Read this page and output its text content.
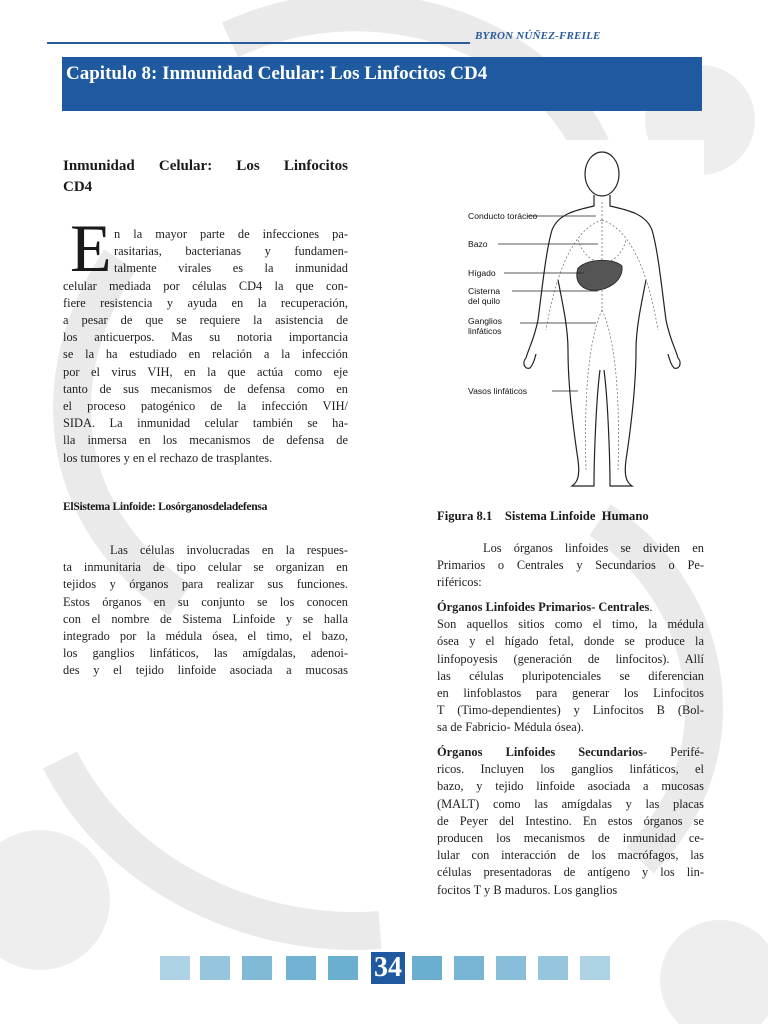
BYRON NÚÑEZ-FREILE
Capitulo 8: Inmunidad Celular: Los Linfocitos CD4
Inmunidad Celular: Los Linfocitos
CD4
E n la mayor parte de infecciones pa-
rasitarias, bacterianas y fundamen-
talmente virales es la inmunidad
celular mediada por células CD4 la que con-
fiere resistencia y ayuda en la recuperación,
a pesar de que se requiere la asistencia de
los anticuerpos. Mas su notoria importancia
se la ha estudiado en relación a la infección
por el virus VIH, en la que actúa como eje
tanto de sus mecanismos de defensa como en
el proceso patogénico de la infección VIH/
SIDA. La inmunidad celular también se ha-
lla inmersa en los mecanismos de defensa de
los tumores y en el rechazo de trasplantes.
ElSistema Linfoide: Losórganosdeladefensa
Las células involucradas en la respues-
ta inmunitaria de tipo celular se organizan en
tejidos y órganos para realizar sus funciones.
Estos órganos en su conjunto se los conocen
con el nombre de Sistema Linfoide y se halla
integrado por la médula ósea, el timo, el bazo,
los ganglios linfáticos, las amígdalas, adenoi-
des y el tejido linfoide asociada a mucosas
Conducto torácico
Bazo
Hígado
Cisterna
del quilo
Ganglios
linfáticos
Vasos linfáticos
Figura 8.1    Sistema Linfoide  Humano
Los órganos linfoides se dividen en
Primarios o Centrales y Secundarios o Pe-
riféricos:
Órganos Linfoides Primarios- Centrales.
Son aquellos sitios como el timo, la médula
ósea y el hígado fetal, donde se produce la
linfopoyesis (generación de linfocitos). Allí
las células pluripotenciales se diferencian
en linfoblastos para generar los Linfocitos
T (Timo-dependientes) y Linfocitos B (Bol-
sa de Fabricio- Médula ósea).
Órganos Linfoides Secundarios- Perifé-
ricos. Incluyen los ganglios linfáticos, el
bazo, y tejido linfoide asociada a mucosas
(MALT) como las amígdalas y las placas
de Peyer del Intestino. En estos órganos se
producen los mecanismos de inmunidad ce-
lular con interacción de los macrófagos, las
células presentadoras de antígeno y los lin-
focitos T y B maduros. Los ganglios
34
